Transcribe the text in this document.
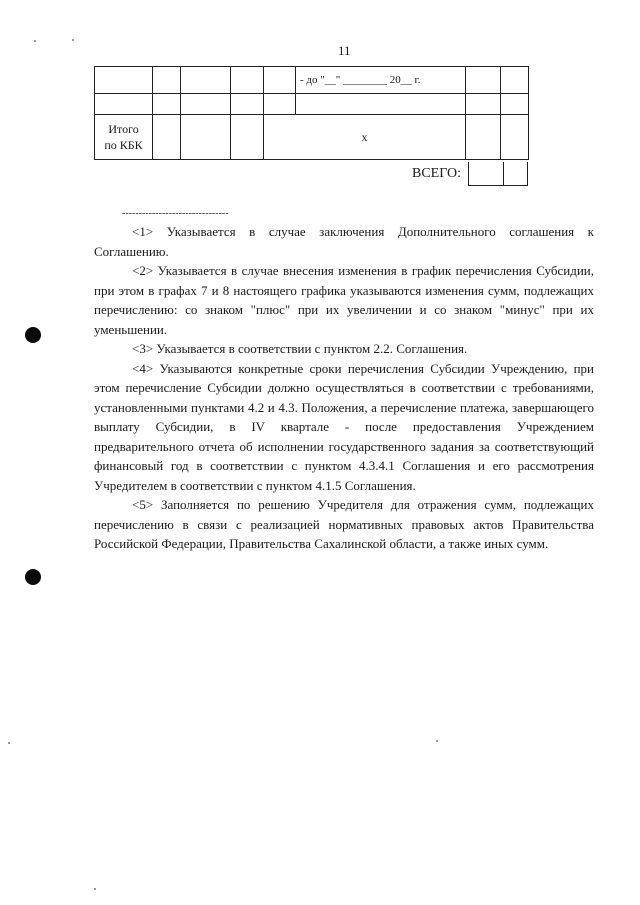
11
					- до "__" ________ 20__ г.		

Итого
по КБК				х			
ВСЕГО:
--------------------------------

<1> Указывается в случае заключения Дополнительного соглашения к Соглашению.

<2> Указывается в случае внесения изменения в график перечисления Субсидии, при этом в графах 7 и 8 настоящего графика указываются изменения сумм, подлежащих перечислению: со знаком "плюс" при их увеличении и со знаком "минус" при их уменьшении.

<3> Указывается в соответствии с пунктом 2.2. Соглашения.

<4> Указываются конкретные сроки перечисления Субсидии Учреждению, при этом перечисление Субсидии должно осуществляться в соответствии с требованиями, установленными пунктами 4.2 и 4.3. Положения, а перечисление платежа, завершающего выплату Субсидии, в IV квартале - после предоставления Учреждением предварительного отчета об исполнении государственного задания за соответствующий финансовый год в соответствии с пунктом 4.3.4.1 Соглашения и его рассмотрения Учредителем в соответствии с пунктом 4.1.5 Соглашения.

<5> Заполняется по решению Учредителя для отражения сумм, подлежащих перечислению в связи с реализацией нормативных правовых актов Правительства Российской Федерации, Правительства Сахалинской области, а также иных сумм.
